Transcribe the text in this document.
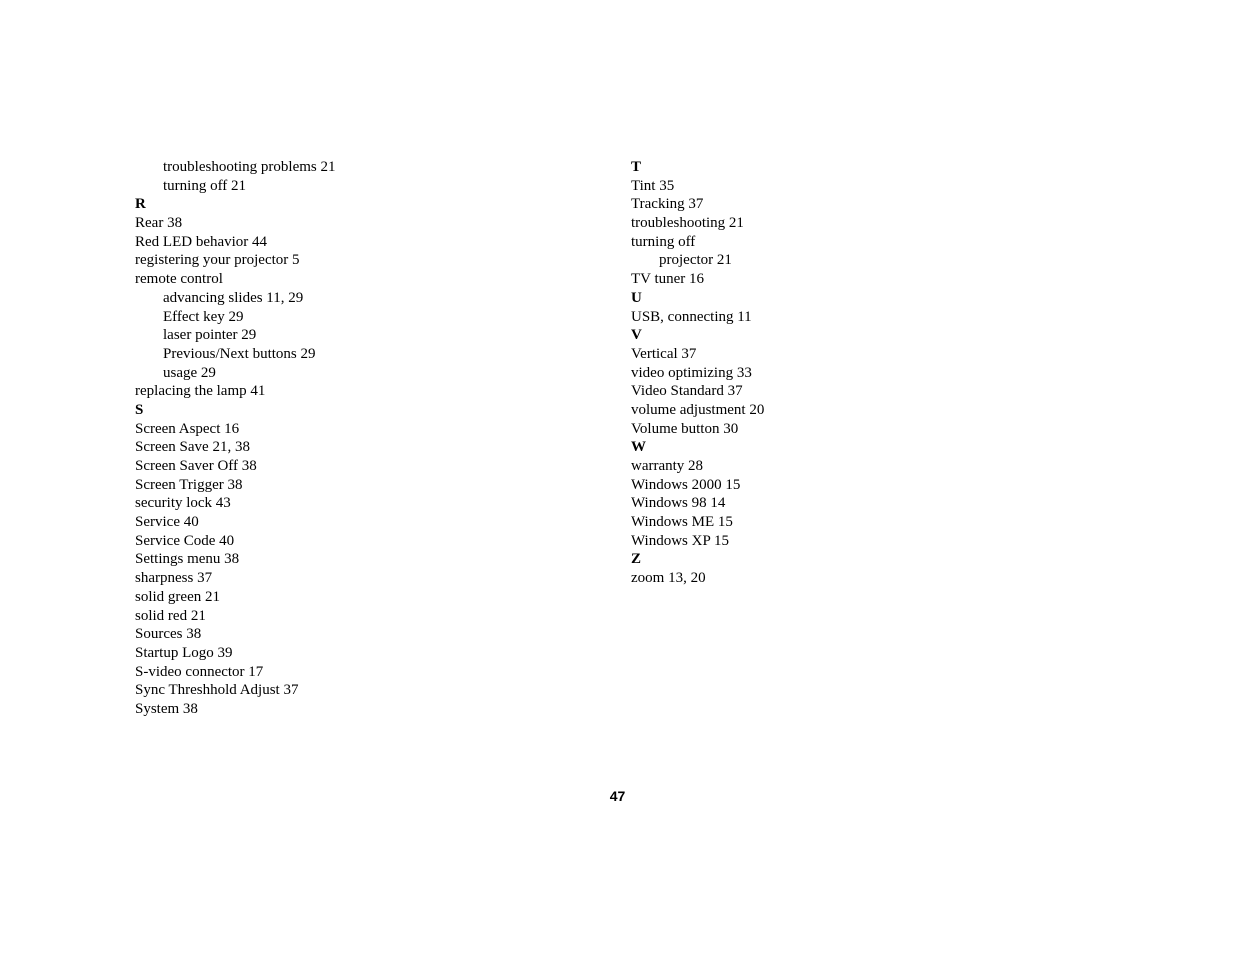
troubleshooting problems 21
turning off 21
R
Rear 38
Red LED behavior 44
registering your projector 5
remote control
advancing slides 11, 29
Effect key 29
laser pointer 29
Previous/Next buttons 29
usage 29
replacing the lamp 41
S
Screen Aspect 16
Screen Save 21, 38
Screen Saver Off 38
Screen Trigger 38
security lock 43
Service 40
Service Code 40
Settings menu 38
sharpness 37
solid green 21
solid red 21
Sources 38
Startup Logo 39
S-video connector 17
Sync Threshhold Adjust 37
System 38
T
Tint 35
Tracking 37
troubleshooting 21
turning off
projector 21
TV tuner 16
U
USB, connecting 11
V
Vertical 37
video optimizing 33
Video Standard 37
volume adjustment 20
Volume button 30
W
warranty 28
Windows 2000 15
Windows 98 14
Windows ME 15
Windows XP 15
Z
zoom 13, 20
47
